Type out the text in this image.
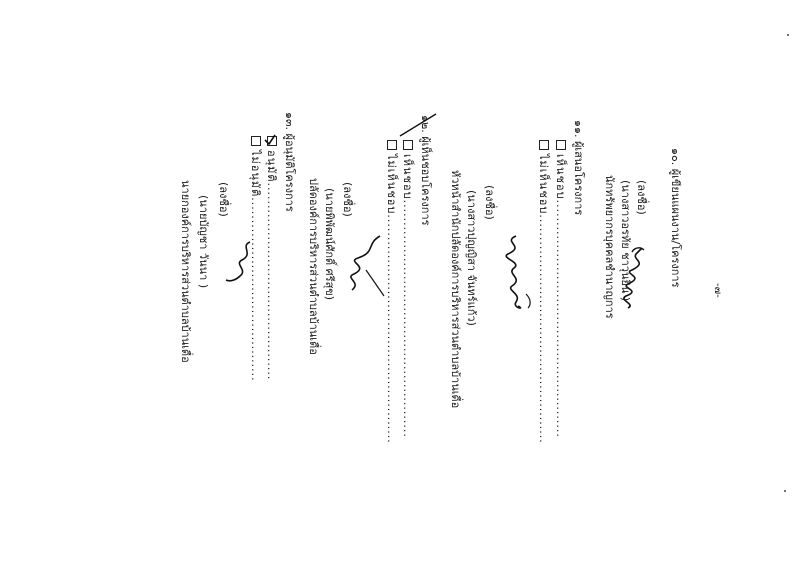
-๗-
๑๐. ผู้เขียนแผนงาน/โครงการ
(ลงชื่อ)
(นางสาวอรทัย ชาวุ่นยิน )
นักทรัพยากรบุคคลชำนาญการ
๑๑. ผู้เสนอโครงการ
เห็นชอบ.....................................................
ไม่เห็นชอบ...................................................
(ลงชื่อ)
(นางสาวปุญญิสา จันทร์แก้ว)
หัวหน้าสำนักปลัดองค์การบริหารส่วนตำบลบ้านเดื่อ
๑๒. ผู้เห็นชอบโครงการ
เห็นชอบ.....................................................
ไม่เห็นชอบ...................................................
(ลงชื่อ)
(นายพิพัฒน์ศักดิ์ ศรีสุข)
ปลัดองค์การบริหารส่วนตำบลบ้านเดื่อ
๑๓. ผู้อนุมัติโครงการ
อนุมัติ............................................
ไม่อนุมัติ.........................................
(ลงชื่อ)
(นายบัญชา วันนา )
นายกองค์การบริหารส่วนตำบลบ้านเดื่อ
